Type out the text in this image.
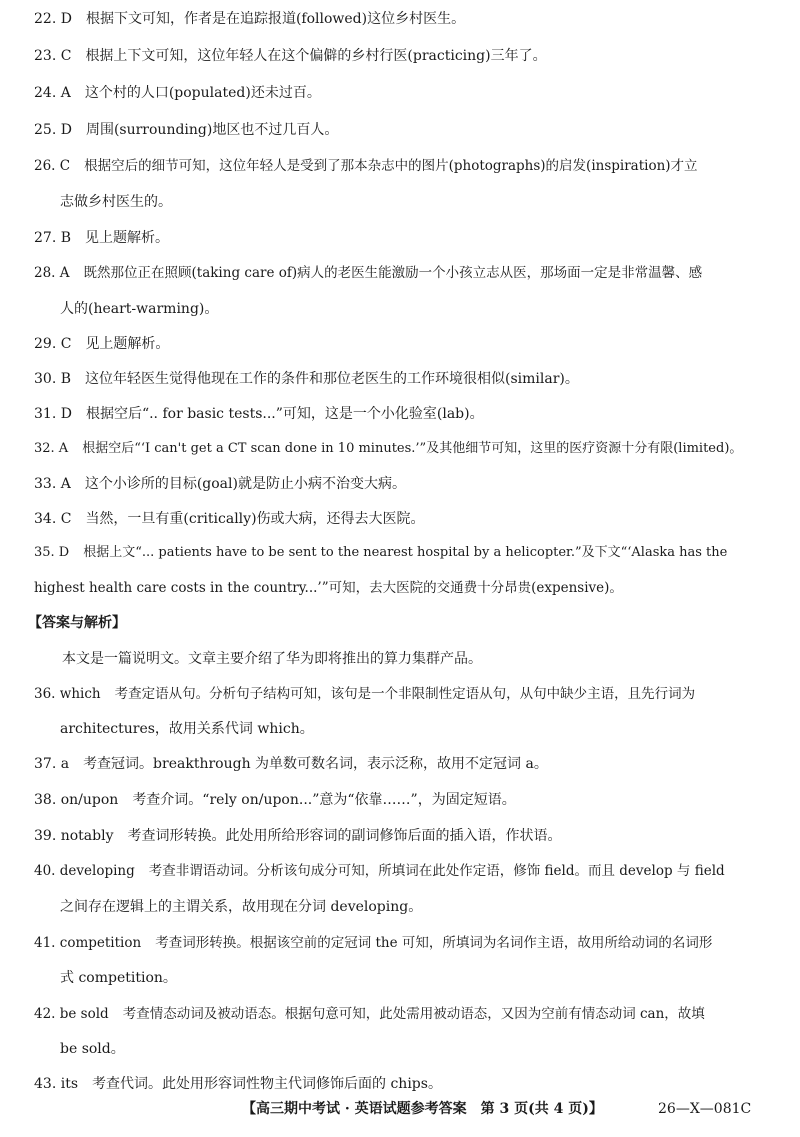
22. D 根据下文可知，作者是在追踪报道(followed)这位乡村医生。
23. C 根据上下文可知，这位年轻人在这个偏僻的乡村行医(practicing)三年了。
24. A 这个村的人口(populated)还未过百。
25. D 周围(surrounding)地区也不过几百人。
26. C 根据空后的细节可知，这位年轻人是受到了那本杂志中的图片(photographs)的启发(inspiration)才立
志做乡村医生的。
27. B 见上题解析。
28. A 既然那位正在照顾(taking care of)病人的老医生能激励一个小孩立志从医，那场面一定是非常温馨、感
人的(heart-warming)。
29. C 见上题解析。
30. B 这位年轻医生觉得他现在工作的条件和那位老医生的工作环境很相似(similar)。
31. D 根据空后“.. for basic tests...”可知，这是一个小化验室(lab)。
32. A 根据空后“‘I can't get a CT scan done in 10 minutes.’”及其他细节可知，这里的医疗资源十分有限(limited)。
33. A 这个小诊所的目标(goal)就是防止小病不治变大病。
34. C 当然，一旦有重(critically)伤或大病，还得去大医院。
35. D 根据上文“... patients have to be sent to the nearest hospital by a helicopter.”及下文“‘Alaska has the
highest health care costs in the country...’”可知，去大医院的交通费十分昂贵(expensive)。
【答案与解析】
本文是一篇说明文。文章主要介绍了华为即将推出的算力集群产品。
36. which 考查定语从句。分析句子结构可知，该句是一个非限制性定语从句，从句中缺少主语，且先行词为
architectures，故用关系代词 which。
37. a 考查冠词。breakthrough 为单数可数名词，表示泛称，故用不定冠词 a。
38. on/upon 考查介词。“rely on/upon...”意为“依靠……”，为固定短语。
39. notably 考查词形转换。此处用所给形容词的副词修饰后面的插入语，作状语。
40. developing 考查非谓语动词。分析该句成分可知，所填词在此处作定语，修饰 field。而且 develop 与 field
之间存在逻辑上的主谓关系，故用现在分词 developing。
41. competition 考查词形转换。根据该空前的定冠词 the 可知，所填词为名词作主语，故用所给动词的名词形
式 competition。
42. be sold 考查情态动词及被动语态。根据句意可知，此处需用被动语态，又因为空前有情态动词 can，故填
be sold。
43. its 考查代词。此处用形容词性物主代词修饰后面的 chips。
【高三期中考试 · 英语试题参考答案　第 3 页(共 4 页)】	26—X—081C
